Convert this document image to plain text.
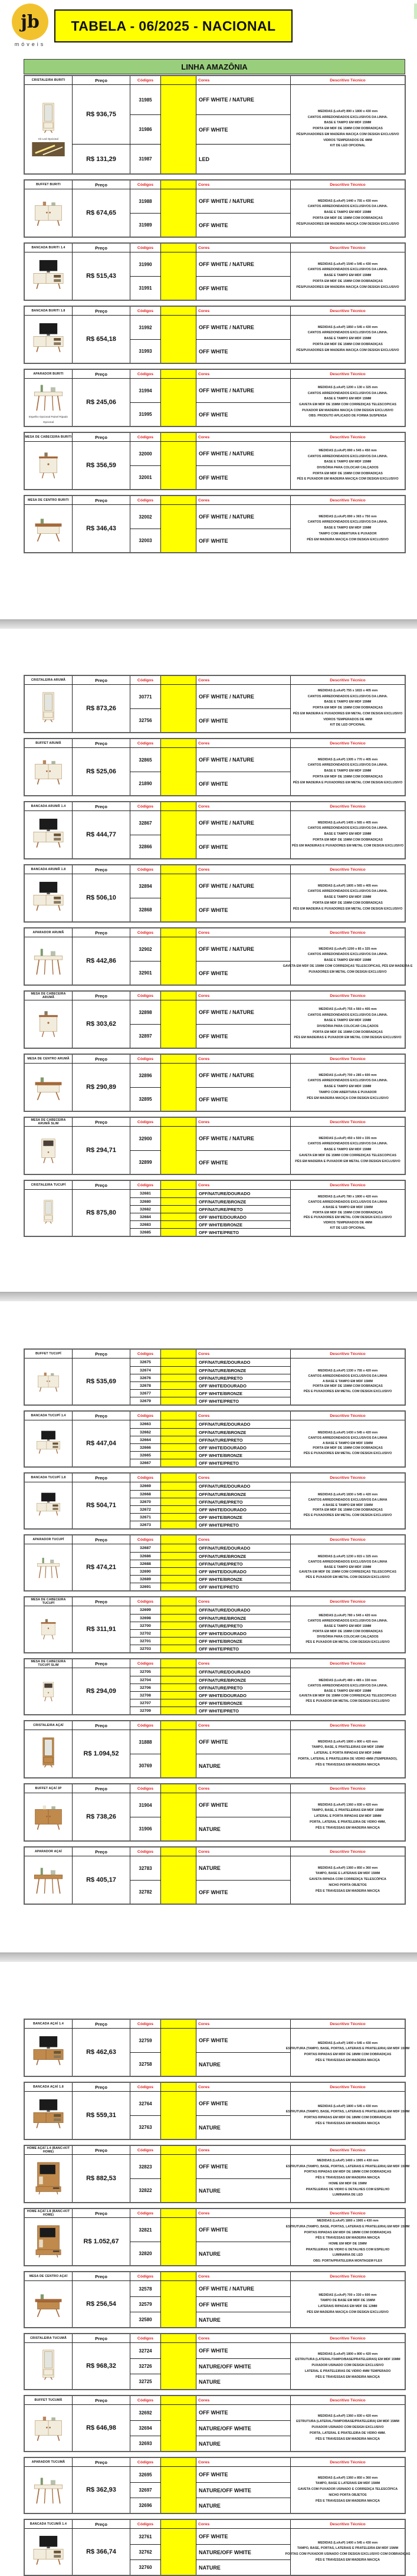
jb
móveis
TABELA - 06/2025 - NACIONAL
LINHA AMAZÔNIA
CRISTALEIRA BURITI	Preço	Códigos	Cores	Descritivo Técnico
Kit Led Opcional
R$ 936,75
31985	OFF WHITE / NATURE
31986	OFF WHITE
R$ 131,29	31987	LED
MEDIDAS (LxAxP) 890 x 1800 x 430 mm
CANTOS ARREDONDADOS EXCLUSIVOS DA LINHA.
BASE E TAMPO EM MDF 15MM
PORTA EM MDF DE 15MM COM DOBRADIÇAS
PÉS/PUXADORES EM MADEIRA MACIÇA COM DESIGN EXCLUSIVO
VIDROS TEMPERADOS DE 4MM
KIT DE LED OPCIONAL
BUFFET BURITI	Preço	Códigos	Cores	Descritivo Técnico
R$ 674,65
31988	OFF WHITE / NATURE
31989	OFF WHITE
MEDIDAS (LxAxP) 1440 x 755 x 430 mm
CANTOS ARREDONDADOS EXCLUSIVOS DA LINHA.
BASE E TAMPO EM MDF 15MM
PORTA EM MDF DE 15MM COM DOBRADIÇAS
PÉS/PUXADORES EM MADEIRA MACIÇA COM DESIGN EXCLUSIVO
BANCADA BURITI 1.4	Preço	Códigos	Cores	Descritivo Técnico
R$ 515,43
31990	OFF WHITE / NATURE
31991	OFF WHITE
MEDIDAS (LxAxP) 1540 x 545 x 430 mm
CANTOS ARREDONDADOS EXCLUSIVOS DA LINHA.
BASE E TAMPO EM MDF 15MM
PORTA EM MDF DE 15MM COM DOBRADIÇAS
PÉS/PUXADORES EM MADEIRA MACIÇA COM DESIGN EXCLUSIVO
BANCADA BURITI 1.8	Preço	Códigos	Cores	Descritivo Técnico
R$ 654,18
31992	OFF WHITE / NATURE
31993	OFF WHITE
MEDIDAS (LxAxP) 1850 x 545 x 430 mm
CANTOS ARREDONDADOS EXCLUSIVOS DA LINHA.
BASE E TAMPO EM MDF 15MM
PORTA EM MDF DE 15MM COM DOBRADIÇAS
PÉS/PUXADORES EM MADEIRA MACIÇA COM DESIGN EXCLUSIVO
APARADOR BURITI	Preço	Códigos	Cores	Descritivo Técnico
Espelho Opcional Painel Ripado
Opcional
R$ 245,06
31994	OFF WHITE / NATURE
31995	OFF WHITE
MEDIDAS (LxAxP) 1200 x 130 x 325 mm
CANTOS ARREDONDADOS EXCLUSIVOS DA LINHA.
BASE E TAMPO EM MDF 15MM
GAVETA EM MDF DE 15MM COM CORREDIÇAS TELESCOPICAS
PUXADOR EM MADEIRA MACIÇA COM DESIGN EXCLUSIVO
OBS: PRODUTO APLICADO DE FORMA SUSPENSA
MESA DE CABECEIRA BURITI	Preço	Códigos	Cores	Descritivo Técnico
R$ 356,59
32000	OFF WHITE / NATURE
32001	OFF WHITE
MEDIDAS (LxAxP) 890 x 545 x 450 mm
CANTOS ARREDONDADOS EXCLUSIVOS DA LINHA.
BASE E TAMPO EM MDF 15MM
DIVISÓRIA PARA COLOCAR CALÇADOS
PORTA EM MDF DE 15MM COM DOBRADIÇAS
PÉS E PUXADOR EM MADEIRA MACIÇA COM DESIGN EXCLUSIVO
MESA DE CENTRO BURITI	Preço	Códigos	Cores	Descritivo Técnico
R$ 346,43
32002	OFF WHITE / NATURE
32003	OFF WHITE
MEDIDAS (LxAxP) 890 x 365 x 750 mm
CANTOS ARREDONDADOS EXCLUSIVOS DA LINHA.
BASE E TAMPO EM MDF 15MM
TAMPO COM ABERTURA E PUXADOR
PÉS EM MADEIRA MACIÇA COM DESIGN EXCLUSIVO
CRISTALEIRA ARUMÃ	Preço	Códigos	Cores	Descritivo Técnico
R$ 873,26
30771	OFF WHITE / NATURE
32756	OFF WHITE
MEDIDAS (LxAxP) 755 x 1815 x 405 mm
CANTOS ARREDONDADOS EXCLUSIVOS DA LINHA.
BASE E TAMPO EM MDF 15MM
PORTA EM MDF DE 15MM COM DOBRADIÇAS
PÉS EM MADEIRA E PUXADORES EM METAL COM DESIGN EXCLUSIVO
VIDROS TEMPERADOS DE 4MM
KIT DE LED OPCIONAL
BUFFET ARUMÃ	Preço	Códigos	Cores	Descritivo Técnico
R$ 525,06
32865	OFF WHITE / NATURE
21890	OFF WHITE
MEDIDAS (LxAxP) 1305 x 770 x 405 mm
CANTOS ARREDONDADOS EXCLUSIVOS DA LINHA.
BASE E TAMPO EM MDF 15MM
PORTA EM MDF DE 15MM COM DOBRADIÇAS
PÉS EM MADEIRA E PUXADORES EM METAL COM DESIGN EXCLUSIVO
BANCADA ARUMÃ 1.4	Preço	Códigos	Cores	Descritivo Técnico
R$ 444,77
32867	OFF WHITE / NATURE
32866	OFF WHITE
MEDIDAS (LxAxP) 1405 x 565 x 405 mm
CANTOS ARREDONDADOS EXCLUSIVOS DA LINHA.
BASE E TAMPO EM MDF 15MM
PORTA EM MDF DE 15MM COM DOBRADIÇAS
PÉS EM MADEIRAS E PUXADORES EM METAL COM DESIGN EXCLUSIVO
BANCADA ARUMÃ 1.8	Preço	Códigos	Cores	Descritivo Técnico
R$ 506,10
32894	OFF WHITE / NATURE
32868	OFF WHITE
MEDIDAS (LxAxP) 1805 x 565 x 405 mm
CANTOS ARREDONDADOS EXCLUSIVOS DA LINHA.
BASE E TAMPO EM MDF 15MM
PORTA EM MDF DE 15MM COM DOBRADIÇAS
PÉS EM MADEIRA E PUXADORES EM METAL COM DESIGN EXCLUSIVO
APARADOR ARUMÃ	Preço	Códigos	Cores	Descritivo Técnico
R$ 442,86
32902	OFF WHITE / NATURE
32901	OFF WHITE
MEDIDAS (LxAxP) 1200 x 85 x 325 mm
CANTOS ARREDONDADOS EXCLUSIVOS DA LINHA.
BASE E TAMPO EM MDF 15MM
GAVETA EM MDF DE 15MM COM CORREDIÇAS TELESCOPICAS, PÉS EM MADEIRA E
PUXADORES EM METAL COM DESIGN EXCLUSIVO
MESA DE CABECEIRA ARUMÃ	Preço	Códigos	Cores	Descritivo Técnico
R$ 303,62
32898	OFF WHITE / NATURE
32897	OFF WHITE
MEDIDAS (LxAxP) 755 x 560 x 405 mm
CANTOS ARREDONDADOS EXCLUSIVOS DA LINHA.
BASE E TAMPO EM MDF 15MM
DIVISÓRIA PARA COLOCAR CALÇADOS
PORTA EM MDF DE 15MM COM DOBRADIÇAS
PÉS EM MADEIRAS E PUXADOR EM METAL COM DESIGN EXCLUSIVO
MESA DE CENTRO ARUMÃ	Preço	Códigos	Cores	Descritivo Técnico
R$ 290,89
32896	OFF WHITE / NATURE
32895	OFF WHITE
MEDIDAS (LxAxP) 700 x 285 x 600 mm
CANTOS ARREDONDADOS EXCLUSIVOS DA LINHA.
BASE E TAMPO EM MDF 15MM
TAMPO COM ABERTURA E PUXADOR
PÉS EM MADEIRA MACIÇA COM DESIGN EXCLUSIVO
MESA DE CABECEIRA ARUMÃ SLIM	Preço	Códigos	Cores	Descritivo Técnico
R$ 294,71
32900	OFF WHITE / NATURE
32899	OFF WHITE
MEDIDAS (LxAxP) 450 x 500 x 335 mm
CANTOS ARREDONDADOS EXCLUSIVOS DA LINHA.
BASE E TAMPO EM MDF 15MM
GAVETA EM MDF DE 15MM COM CORREDIÇAS TELESCOPICAS
PÉS EM MADEIRA E PUXADOR EM METAL COM DESIGN EXCLUSIVO
CRISTALEIRA TUCUPÍ	Preço	Códigos	Cores	Descritivo Técnico
R$ 875,80
32681	OFF/NATURE/DOURADO
32680	OFF/NATURE/BRONZE
32682	OFF/NATURE/PRETO
32684	OFF WHITE/DOURADO
32683	OFF WHITE/BRONZE
32685	OFF WHITE/PRETO
MEDIDAS (LxAxP) 780 x 1800 x 420 mm
CANTOS ARREDONDADOS EXCLUSIVOS DA LINHA
A BASE E TAMPO EM MDF 15MM
PORTA EM MDF DE 15MM COM DOBRADIÇAS
PÉS E PUXADORES EM METAL COM DESIGN EXCLUSIVO
VIDROS TEMPERADOS DE 4MM
KIT DE LED OPCIONAL
BUFFET TUCUPÍ	Preço	Códigos	Cores	Descritivo Técnico
R$ 535,69
32675	OFF/NATURE/DOURADO
32674	OFF/NATURE/BRONZE
32676	OFF/NATURE/PRETO
32678	OFF WHITE/DOURADO
32677	OFF WHITE/BRONZE
32679	OFF WHITE/PRETO
MEDIDAS (LxAxP) 1330 x 755 x 420 mm
CANTOS ARREDONDADOS EXCLUSIVOS DA LINHA
A BASE E TAMPO EM MDF 15MM
PORTA EM MDF DE 15MM COM DOBRADIÇAS
PÉS E PUXADORES EM METAL COM DESIGN EXCLUSIVO
BANCADA TUCUPÍ 1.4	Preço	Códigos	Cores	Descritivo Técnico
R$ 447,04
32663	OFF/NATURE/DOURADO
32662	OFF/NATURE/BRONZE
32664	OFF/NATURE/PRETO
32666	OFF WHITE/DOURADO
32665	OFF WHITE/BRONZE
32667	OFF WHITE/PRETO
MEDIDAS (LxAxP) 1430 x 545 x 420 mm
CANTOS ARREDONDADOS EXCLUSIVOS DA LINHA
A BASE E TAMPO EM MDF 15MM
PORTA EM MDF DE 15MM COM DOBRADIÇAS
PÉS E PUXADORES EM METAL COM DESIGN EXCLUSIVO
BANCADA TUCUPÍ 1.8	Preço	Códigos	Cores	Descritivo Técnico
R$ 504,71
32669	OFF/NATURE/DOURADO
32668	OFF/NATURE/BRONZE
32670	OFF/NATURE/PRETO
32672	OFF WHITE/DOURADO
32671	OFF WHITE/BRONZE
32673	OFF WHITE/PRETO
MEDIDAS (LxAxP) 1830 x 545 x 420 mm
CANTOS ARREDONDADOS EXCLUSIVOS DA LINHA
A BASE E TAMPO EM MDF 15MM
PORTA EM MDF DE 15MM COM DOBRADIÇAS
PÉS E PUXADORES EM METAL COM DESIGN EXCLUSIVO
APARADOR TUCUPÍ	Preço	Códigos	Cores	Descritivo Técnico
R$ 474,21
32687	OFF/NATURE/DOURADO
32686	OFF/NATURE/BRONZE
32688	OFF/NATURE/PRETO
32690	OFF WHITE/DOURADO
32689	OFF WHITE/BRONZE
32691	OFF WHITE/PRETO
MEDIDAS (LxAxP) 1230 x 815 x 325 mm
CANTOS ARREDONDADOS EXCLUSIVOS DA LINHA
BASE E TAMPO EM MDF 15MM
GAVETA EM MDF DE 15MM COM CORREDIÇAS TELESCOPICAS
PÉS E PUXADOR EM METAL COM DESIGN EXCLUSIVO
MESA DE CABECEIRA TUCUPÍ	Preço	Códigos	Cores	Descritivo Técnico
R$ 311,91
32699	OFF/NATURE/DOURADO
32698	OFF/NATURE/BRONZE
32700	OFF/NATURE/PRETO
32702	OFF WHITE/DOURADO
32701	OFF WHITE/BRONZE
32703	OFF WHITE/PRETO
MEDIDAS (LxAxP) 780 x 545 x 420 mm
CANTOS ARREDONDADOS EXCLUSIVOS DA LINHA.
BASE E TAMPO EM MDF 15MM
PORTA EM MDF DE 15MM COM DOBRADIÇAS
DIVISÓRIA PARA COLOCAR CALÇADOS
PÉS E PUXADOR EM METAL COM DESIGN EXCLUSIVO
MESA DE CABECEIRA TUCUPÍ SLIM	Preço	Códigos	Cores	Descritivo Técnico
R$ 294,09
32705	OFF/NATURE/DOURADO
32704	OFF/NATURE/BRONZE
32706	OFF/NATURE/PRETO
32708	OFF WHITE/DOURADO
32707	OFF WHITE/BRONZE
32709	OFF WHITE/PRETO
MEDIDAS (LxAxP) 480 x 485 x 330 mm
CANTOS ARREDONDADOS EXCLUSIVOS DA LINHA.
BASE E TAMPO EM MDF 15MM
GAVETA EM MDF DE 15MM COM CORREDIÇAS TELESCOPICAS
PÉS E PUXADOR EM METAL COM DESIGN EXCLUSIVO
CRISTALEIRA AÇAÍ	Preço	Códigos	Cores	Descritivo Técnico
R$ 1.094,52
31888	OFF WHITE
30769	NATURE
MEDIDAS (LxAxP) 1800 x 800 x 420 mm
TAMPO, BASE, E PRATELEIRAS EM MDF 15MM
LATERAL E PORTA RIPADAS EM MDF 24MM
PORTA, LATERAL E PRATELEIRA DE VIDRO 4MM (TEMPERADO),
PÉS E TRAVESSAS EM MADEIRA MACIÇA
BUFFET AÇAÍ 3P	Preço	Códigos	Cores	Descritivo Técnico
R$ 738,26
31904	OFF WHITE
31906	NATURE
MEDIDAS (LxAxP) 1360 x 830 x 420 mm
TAMPO, BASE, E PRATELEIRAS EM MDF 15MM
LATERAL E PORTA RIPADAS EM MDF 18MM
PORTA, LATERAL E PRATELEIRA DE VIDRO 4MM,
PÉS E TRAVESSAS EM MADEIRA MACIÇA
APARADOR AÇAÍ	Preço	Códigos	Cores	Descritivo Técnico
R$ 405,17
32783	NATURE
32782	OFF WHITE
MEDIDAS (LxAxP) 1360 x 850 x 360 mm
TAMPO, BASE E LATERAIS EM MDF 15MM
GAVETA RIPADA COM CORREDIÇA TELESCÓPICA
NICHO PORTA OBJETOS
PÉS E TRAVESSAS EM MADEIRA MACIÇA
BANCADA AÇAÍ 1.4	Preço	Códigos	Cores	Descritivo Técnico
R$ 462,63
32759	OFF WHITE
32758	NATURE
MEDIDAS (LxAxP) 1400 x 545 x 430 mm
ESTRUTURA (TAMPO, BASE, PORTAS, LATERAIS E PRATELEIRA) EM MDF 15MM
PORTAS RIPADAS EM MDF DE 18MM COM DOBRADIÇAS
PÉS E TRAVESSAS EM MADEIRA MACIÇA
BANCADA AÇAÍ 1.8	Preço	Códigos	Cores	Descritivo Técnico
R$ 559,31
32764	OFF WHITE
32763	NATURE
MEDIDAS (LxAxP) 1800 x 545 x 430 mm
ESTRUTURA (TAMPO, BASE, PORTAS, LATERAIS E PRATELEIRA) EM MDF 15MM
PORTAS RIPADAS EM MDF DE 18MM COM DOBRADIÇAS
PÉS E TRAVESSAS EM MADEIRA MACIÇA
HOME AÇAÍ 1.4 (BANC+KIT HOME)	Preço	Códigos	Cores	Descritivo Técnico
R$ 882,53
32823	OFF WHITE
32822	NATURE
MEDIDAS (LxAxP) 1400 x 1905 x 430 mm
ESTRUTURA (TAMPO, BASE, PORTAS, LATERAIS E PRATELEIRA) EM MDF 15MM
PORTAS RIPADAS EM MDF DE 18MM COM DOBRADIÇAS
PÉS E TRAVESSAS EM MADEIRA MACIÇA
HOME EM MDF DE 15MM
PRATELEIRAS DE VIDRO E DETALHES COM ESPELHO
LUMINARIA DE LED
HOME AÇAÍ 1.8 (BANC+KIT HOME)	Preço	Códigos	Cores	Descritivo Técnico
R$ 1.052,67
32821	OFF WHITE
32820	NATURE
MEDIDAS (LxAxP) 1800 x 1905 x 430 mm
ESTRUTURA (TAMPO, BASE, PORTAS, LATERAIS E PRATELEIRA) EM MDF 15MM
PORTAS RIPADAS EM MDF DE 18MM COM DOBRADIÇAS
PÉS E TRAVESSAS EM MADEIRA MACIÇA
HOME EM MDF DE 15MM
PRATELEIRAS DE VIDRO E DETALHES COM ESPELHO
LUMINARIA DE LED
OBS: PORTA/PRATELEIRA MONTAGEM FLEX
MESA DE CENTRO AÇAÍ	Preço	Códigos	Cores	Descritivo Técnico
R$ 256,54
32578	OFF WHITE / NATURE
32579	OFF WHITE
32580	NATURE
MEDIDAS (LxAxP) 700 x 330 x 600 mm
TAMPO DE BASE EM MDF DE 15MM
LATERAIS RIPADAS EM MDF DE 12MM
PÉS EM MADEIRA MACIÇA COM DESIGN EXCLUSIVO
CRISTALEIRA TUCUMÃ	Preço	Códigos	Cores	Descritivo Técnico
R$ 968,32
32724	OFF WHITE
32726	NATURE/OFF WHITE
32725	NATURE
MEDIDAS (LxAxP) 1800 x 800 x 420 mm
ESTRUTURA (LATERAL/TAMPO/BASE/PRATELEIRAS) EM MDF 15MM
PUXADOR USINADO COM DESIGN EXCLUSIVO
LATERAL E PRATELEIRAS DE VIDRO 4MM TEMPERADO
PÉS E TRAVESSAS EM MADEIRA MACIÇA
BUFFET TUCUMÃ	Preço	Códigos	Cores	Descritivo Técnico
R$ 646,98
32692	OFF WHITE
32694	NATURE/OFF WHITE
32693	NATURE
MEDIDAS (LxAxP) 1360 x 830 x 420 mm
ESTRUTURA (LATERAL/TAMPO/BASE/PRATELEIRA) EM MDF 15MM
PUXADOR USINADO COM DESIGN EXCLUSIVO
PORTA, LATERAL E PRATELEIRA DE VIDRO 4MM.
PÉS E TRAVESSAS EM MADEIRA MACIÇA
APARADOR TUCUMÃ	Preço	Códigos	Cores	Descritivo Técnico
R$ 362,93
32695	OFF WHITE
32697	NATURE/OFF WHITE
32696	NATURE
MEDIDAS (LxAxP) 1360 x 850 x 360 mm
TAMPO, BASE E LATERAIS EM MDF 15MM
GAVETA COM PUXADOR USINADO E CORREDIÇA TELESCÓPICA
NICHO PORTA OBJETOS
PÉS E TRAVESSAS EM MADEIRA MACIÇA
BANCADA TUCUMÃ 1.4	Preço	Códigos	Cores	Descritivo Técnico
R$ 366,74
32761	OFF WHITE
32762	NATURE/OFF WHITE
32760	NATURE
MEDIDAS (LxAxP) 1400 x 545 x 430 mm
TAMPO, BASE, PORTAS, LATERAIS E PRATELEIRA EM MDF 15MM
PORTAS COM PUXADOR USINADO COM DESIGN EXCLUSIVO COM DOBRADIÇAS
PÉS E TRAVESSAS EM MADEIRA MACIÇA
